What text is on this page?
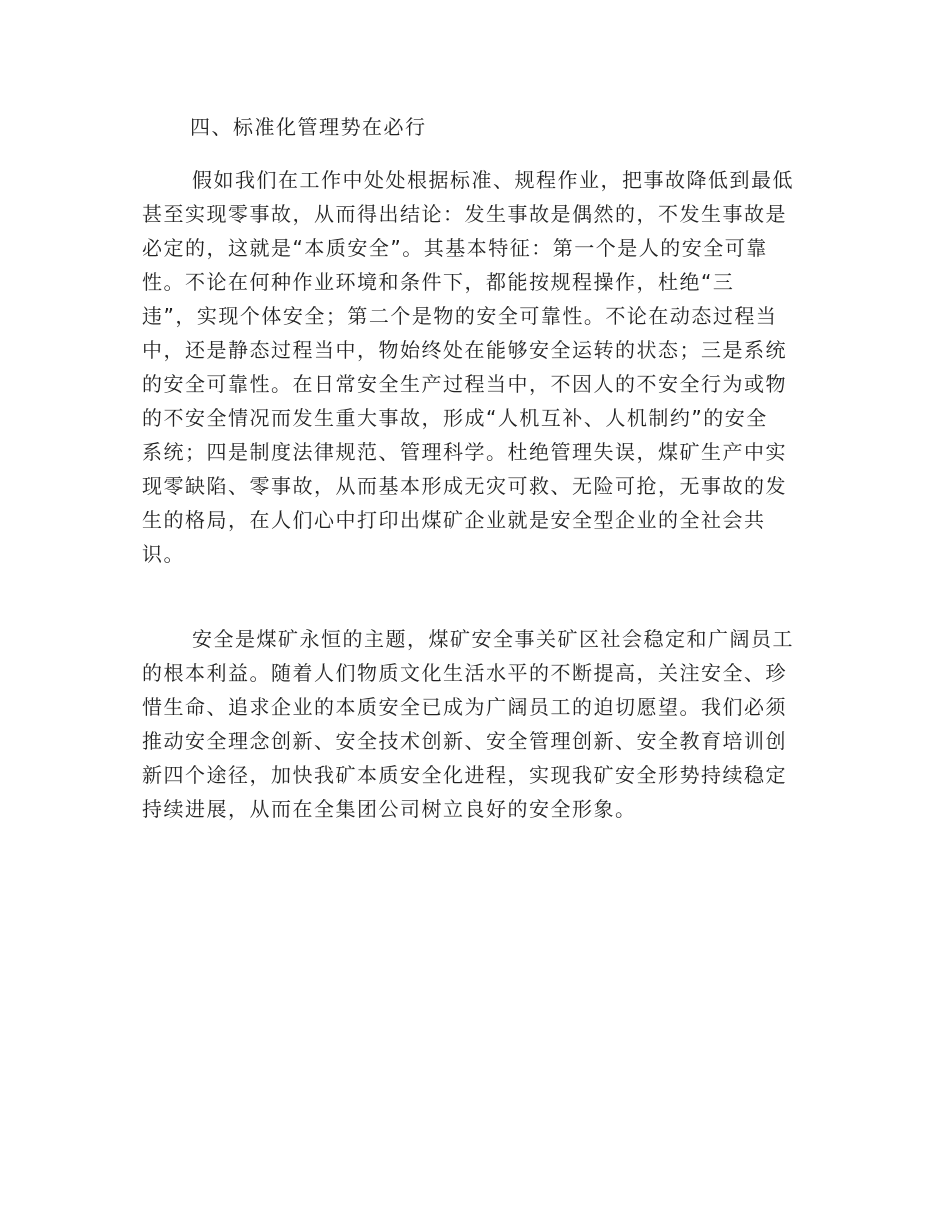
四、标准化管理势在必行
假如我们在工作中处处根据标准、规程作业，把事故降低到最低
甚至实现零事故，从而得出结论：发生事故是偶然的，不发生事故是
必定的，这就是“本质安全”。其基本特征：第一个是人的安全可靠
性。不论在何种作业环境和条件下，都能按规程操作，杜绝“三
违”，实现个体安全；第二个是物的安全可靠性。不论在动态过程当
中，还是静态过程当中，物始终处在能够安全运转的状态；三是系统
的安全可靠性。在日常安全生产过程当中，不因人的不安全行为或物
的不安全情况而发生重大事故，形成“人机互补、人机制约”的安全
系统；四是制度法律规范、管理科学。杜绝管理失误，煤矿生产中实
现零缺陷、零事故，从而基本形成无灾可救、无险可抢，无事故的发
生的格局，在人们心中打印出煤矿企业就是安全型企业的全社会共
识。
安全是煤矿永恒的主题，煤矿安全事关矿区社会稳定和广阔员工
的根本利益。随着人们物质文化生活水平的不断提高，关注安全、珍
惜生命、追求企业的本质安全已成为广阔员工的迫切愿望。我们必须
推动安全理念创新、安全技术创新、安全管理创新、安全教育培训创
新四个途径，加快我矿本质安全化进程，实现我矿安全形势持续稳定
持续进展，从而在全集团公司树立良好的安全形象。
